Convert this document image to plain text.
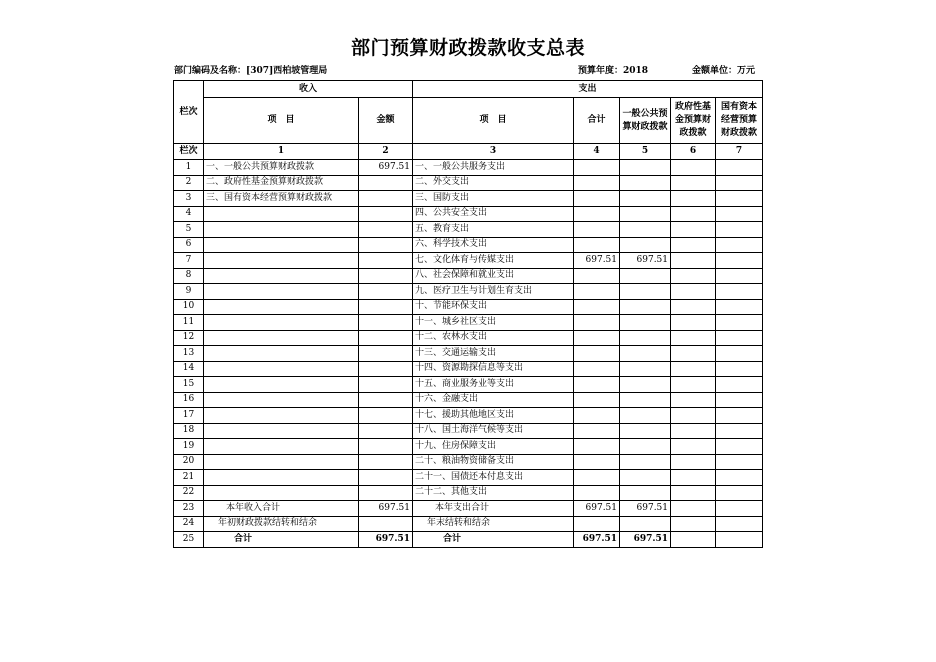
部门预算财政拨款收支总表
部门编码及名称：[307]西柏坡管理局	预算年度：2018	金额单位：万元
栏次	收入		支出				
	项　目	金额	项　目	合计	一般公共预算财政拨款	政府性基金预算财政拨款	国有资本经营预算财政拨款
栏次	1	2	3	4	5	6	7
1	一、一般公共预算财政拨款	697.51	一、一般公共服务支出				
2	二、政府性基金预算财政拨款		二、外交支出				
3	三、国有资本经营预算财政拨款		三、国防支出				
4			四、公共安全支出				
5			五、教育支出				
6			六、科学技术支出				
7			七、文化体育与传媒支出	697.51	697.51		
8			八、社会保障和就业支出				
9			九、医疗卫生与计划生育支出				
10			十、节能环保支出				
11			十一、城乡社区支出				
12			十二、农林水支出				
13			十三、交通运输支出				
14			十四、资源勘探信息等支出				
15			十五、商业服务业等支出				
16			十六、金融支出				
17			十七、援助其他地区支出				
18			十八、国土海洋气候等支出				
19			十九、住房保障支出				
20			二十、粮油物资储备支出				
21			二十一、国债还本付息支出				
22			二十二、其他支出				
23	本年收入合计	697.51	本年支出合计	697.51	697.51		
24	年初财政拨款结转和结余		年末结转和结余				
25	合计	697.51	合计	697.51	697.51		
